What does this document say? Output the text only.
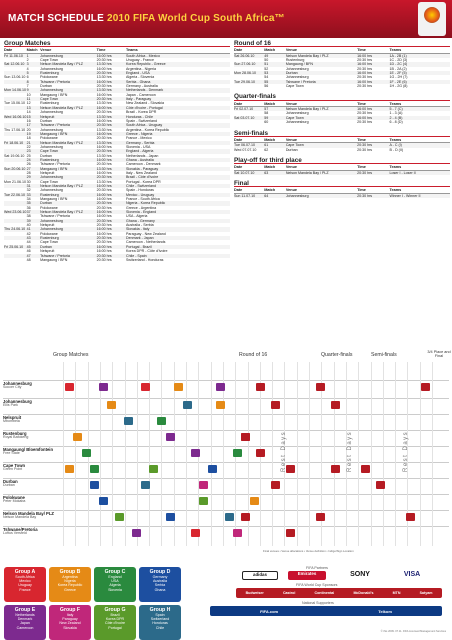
MATCH SCHEDULE 2010 FIFA World Cup South Africa™
Group Matches
Date	Match Venue	Time	Teams
Fri 11.06.10	1	Johannesburg	16:00 hrs	South Africa - Mexico
2	Cape Town	20:30 hrs	Uruguay - France
Sat 12.06.10 3	Nelson Mandela Bay / PLZ	13:30 hrs	Korea Republic - Greece
4	Johannesburg	16:00 hrs	Argentina - Nigeria
5	Rustenburg	20:30 hrs	England - USA
Sun 13.06.10 6	Polokwane	13:30 hrs	Algeria - Slovenia
8	Tshwane / Pretoria	16:00 hrs	Serbia - Ghana
7	Durban	20:30 hrs	Germany - Australia
Mon 14.06.10 9	Johannesburg	13:30 hrs	Netherlands - Denmark
10	Mangaung / BFN	16:00 hrs	Japan - Cameroon
11	Cape Town	20:30 hrs	Italy - Paraguay
Tue 15.06.10 12	Rustenburg	13:30 hrs	New Zealand - Slovakia
13	Nelson Mandela Bay / PLZ	16:00 hrs	Côte d'Ivoire - Portugal
14	Johannesburg	20:30 hrs	Brazil - Korea DPR
Wed 16.06.10 15	Nelspruit	13:30 hrs	Honduras - Chile
16	Durban	16:00 hrs	Spain - Switzerland
17	Tshwane / Pretoria	20:30 hrs	South Africa - Uruguay
Thu 17.06.10 20	Johannesburg	13:30 hrs	Argentina - Korea Republic
19	Mangaung / BFN	16:00 hrs	Greece - Nigeria
18	Polokwane	20:30 hrs	France - Mexico
Fri 18.06.10 21	Nelson Mandela Bay / PLZ	13:30 hrs	Germany - Serbia
22	Johannesburg	16:00 hrs	Slovenia - USA
23	Cape Town	20:30 hrs	England - Algeria
Sat 19.06.10 25	Durban	13:30 hrs	Netherlands - Japan
24	Rustenburg	16:00 hrs	Ghana - Australia
26	Tshwane / Pretoria	20:30 hrs	Cameroon - Denmark
Sun 20.06.10 27	Mangaung / BFN	13:30 hrs	Slovakia - Paraguay
28	Nelspruit	16:00 hrs	Italy - New Zealand
29	Johannesburg	20:30 hrs	Brazil - Côte d'Ivoire
Mon 21.06.10 30	Cape Town	13:30 hrs	Portugal - Korea DPR
31	Nelson Mandela Bay / PLZ	16:00 hrs	Chile - Switzerland
32	Johannesburg	20:30 hrs	Spain - Honduras
Tue 22.06.10 33	Rustenburg	16:00 hrs	Mexico - Uruguay
34	Mangaung / BFN	16:00 hrs	France - South Africa
35	Durban	20:30 hrs	Nigeria - Korea Republic
36	Polokwane	20:30 hrs	Greece - Argentina
Wed 23.06.10 37	Nelson Mandela Bay / PLZ	16:00 hrs	Slovenia - England
38	Tshwane / Pretoria	16:00 hrs	USA - Algeria
39	Johannesburg	20:30 hrs	Ghana - Germany
40	Nelspruit	20:30 hrs	Australia - Serbia
Thu 24.06.10 41	Johannesburg	16:00 hrs	Slovakia - Italy
42	Polokwane	16:00 hrs	Paraguay - New Zealand
43	Rustenburg	20:30 hrs	Denmark - Japan
44	Cape Town	20:30 hrs	Cameroon - Netherlands
Fri 25.06.10 45	Durban	16:00 hrs	Portugal - Brazil
46	Nelspruit	16:00 hrs	Korea DPR - Côte d'Ivoire
47	Tshwane / Pretoria	20:30 hrs	Chile - Spain
48	Mangaung / BFN	20:30 hrs	Switzerland - Honduras
Round of 16
Date	Match	Venue	Time	Teams
Sat 26.06.10	49	Nelson Mandela Bay / PLZ	16:00 hrs	1A - 2B (1)
50	Rustenburg	20:30 hrs	1C - 2D (3)
Sun 27.06.10	51	Mangaung / BFN	16:00 hrs	1D - 2C (4)
52	Johannesburg	20:30 hrs	1B - 2A (2)
Mon 28.06.10	53	Durban	16:00 hrs	1E - 2F (5)
54	Johannesburg	20:30 hrs	1G - 2H (7)
Tue 29.06.10	55	Tshwane / Pretoria	16:00 hrs	1F - 2E (6)
56	Cape Town	20:30 hrs	1H - 2G (8)
Quarter-finals
Date	Match	Venue	Time	Teams
Fri 02.07.10	57	Nelson Mandela Bay / PLZ	16:00 hrs	5 - 7 (C)
58	Johannesburg	20:30 hrs	1 - 3 (A)
Sat 03.07.10	59	Cape Town	16:00 hrs	2 - 4 (B)
60	Johannesburg	20:30 hrs	6 - 8 (D)
Semi-finals
Date	Match	Venue	Time	Teams
Tue 06.07.10	61	Cape Town	20:30 hrs	A - C (I)
Wed 07.07.10	62	Durban	20:30 hrs	B - D (II)
Play-off for third place
Date	Match	Venue	Time	Teams
Sat 10.07.10	63	Nelson Mandela Bay / PLZ	20:30 hrs	Loser I - Loser II
Final
Date	Match	Venue	Time	Teams
Sun 11.07.10	64	Johannesburg	20:30 hrs	Winner I - Winner II
Group Matches	Round of 16	Quarter-finals	Semi-finals	3/4 Place and Final
Johannesburg
Soccer City
Johannesburg
Ellis Park
Nelspruit
Mbombela
Rustenburg
Royal Bafokeng
Mangaung/ Bloemfontein
Free State
Cape Town
Green Point
Durban
Durban
Polokwane
Peter Mokaba
Nelson Mandela Bay/ PLZ
Nelson Mandela Bay
Tshwane/Pretoria
Loftus Versfeld
Rest Days	Rest Days	Rest Days
Final venues • Venue allocations • Venue definition • Indigo/Sign Location
Group A
South Africa
Mexico
Uruguay
France
Group B
Argentina
Nigeria
Korea Republic
Greece
Group C
England
USA
Algeria
Slovenia
Group D
Germany
Australia
Serbia
Ghana
Group E
Netherlands
Denmark
Japan
Cameroon
Group F
Italy
Paraguay
New Zealand
Slovakia
Group G
Brazil
Korea DPR
Côte d'Ivoire
Portugal
Group H
Spain
Switzerland
Honduras
Chile
FIFA Partners
adidas	Emirates	SONY	VISA
FIFA World Cup Sponsors
Budweiser	Castrol	Continental	McDonald's	MTN	Satyam
National Supporters
FIFA.com	Telkom
© this 2009. 07.11. FIFA Licensed Management Services
